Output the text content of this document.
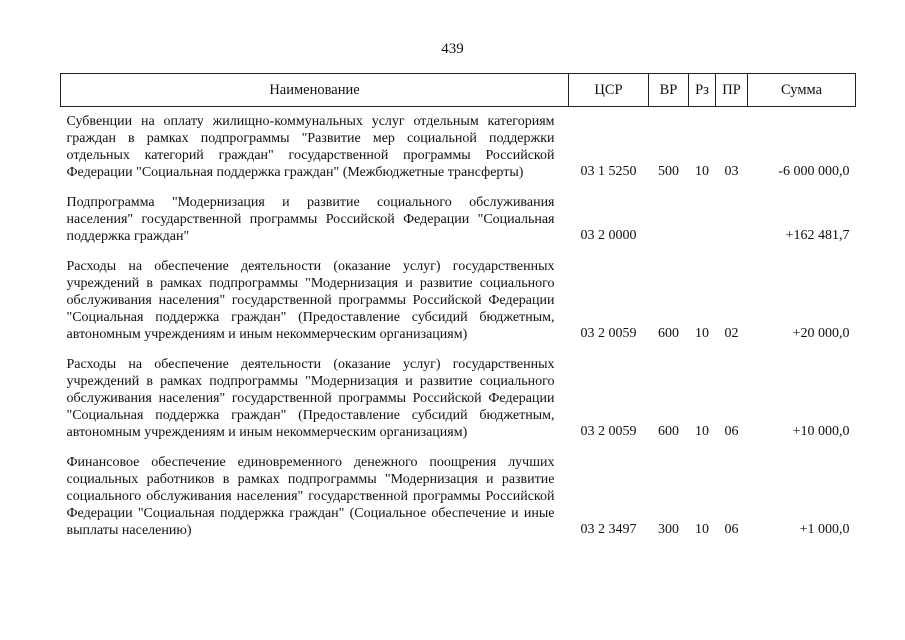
439
Наименование	ЦСР	ВР	Рз	ПР	Сумма
Субвенции на оплату жилищно-коммунальных услуг отдельным категориям граждан в рамках подпрограммы "Развитие мер социальной поддержки отдельных категорий граждан" государственной программы Российской Федерации "Социальная поддержка граждан" (Межбюджетные трансферты)	03 1 5250	500	10	03	-6 000 000,0

Подпрограмма "Модернизация и развитие социального обслуживания населения" государственной программы Российской Федерации "Социальная поддержка граждан"	03 2 0000				+162 481,7

Расходы на обеспечение деятельности (оказание услуг) государственных учреждений в рамках подпрограммы "Модернизация и развитие социального обслуживания населения" государственной программы Российской Федерации "Социальная поддержка граждан" (Предоставление субсидий бюджетным, автономным учреждениям и иным некоммерческим организациям)	03 2 0059	600	10	02	+20 000,0

Расходы на обеспечение деятельности (оказание услуг) государственных учреждений в рамках подпрограммы "Модернизация и развитие социального обслуживания населения" государственной программы Российской Федерации "Социальная поддержка граждан" (Предоставление субсидий бюджетным, автономным учреждениям и иным некоммерческим организациям)	03 2 0059	600	10	06	+10 000,0

Финансовое обеспечение единовременного денежного поощрения лучших социальных работников в рамках подпрограммы "Модернизация и развитие социального обслуживания населения" государственной программы Российской Федерации "Социальная поддержка граждан" (Социальное обеспечение и иные выплаты населению)	03 2 3497	300	10	06	+1 000,0
